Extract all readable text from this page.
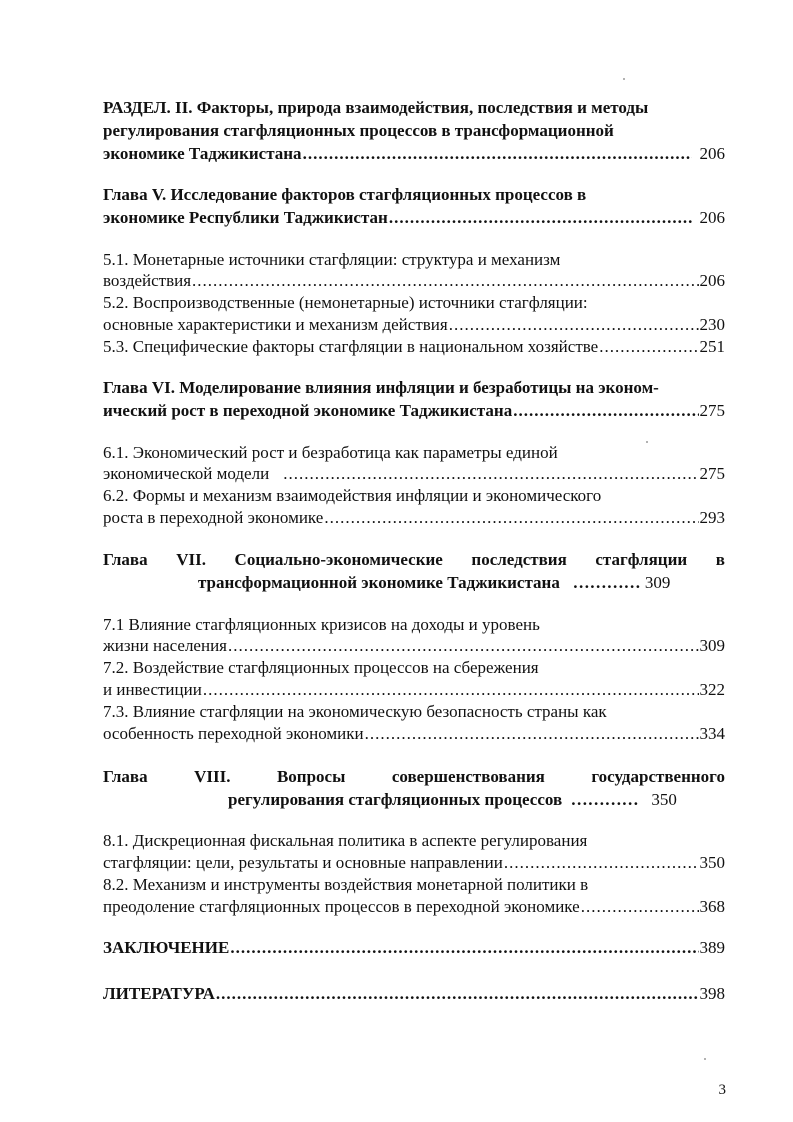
РАЗДЕЛ. II. Факторы, природа взаимодействия, последствия и методы
регулирования стагфляционных процессов в трансформационной
экономике Таджикистана .....	206
Глава V. Исследование факторов стагфляционных процессов в
экономике Республики Таджикистан .....	206
5.1. Монетарные источники стагфляции: структура и механизм
воздействия .....	206
5.2. Воспроизводственные (немонетарные) источники стагфляции:
основные характеристики и механизм действия .....	230
5.3. Специфические факторы стагфляции в национальном хозяйстве .....	251
Глава VI. Моделирование влияния инфляции и безработицы на эконом-
ический рост в переходной экономике Таджикистана .....	275
6.1. Экономический рост и безработица как параметры единой
экономической модели .....	275
6.2. Формы и механизм взаимодействия инфляции и экономического
роста в переходной экономике .....	293
Глава VII. Социально-экономические последствия стагфляции в
трансформационной экономике Таджикистана   ………… 309
7.1 Влияние стагфляционных кризисов на доходы и уровень
жизни населения .....	309
7.2. Воздействие стагфляционных процессов на сбережения
и инвестиции .....	322
7.3. Влияние стагфляции на экономическую безопасность страны как
особенность переходной экономики .....	334
Глава	VIII.	Вопросы	совершенствования	государственного
регулирования стагфляционных процессов  …………   350
8.1. Дискреционная фискальная политика в аспекте регулирования
стагфляции: цели, результаты и основные направлении .....	350
8.2. Механизм и инструменты воздействия монетарной политики в
преодоление стагфляционных процессов в переходной экономике .....	368
ЗАКЛЮЧЕНИЕ .....	389
ЛИТЕРАТУРА .....	398
3
